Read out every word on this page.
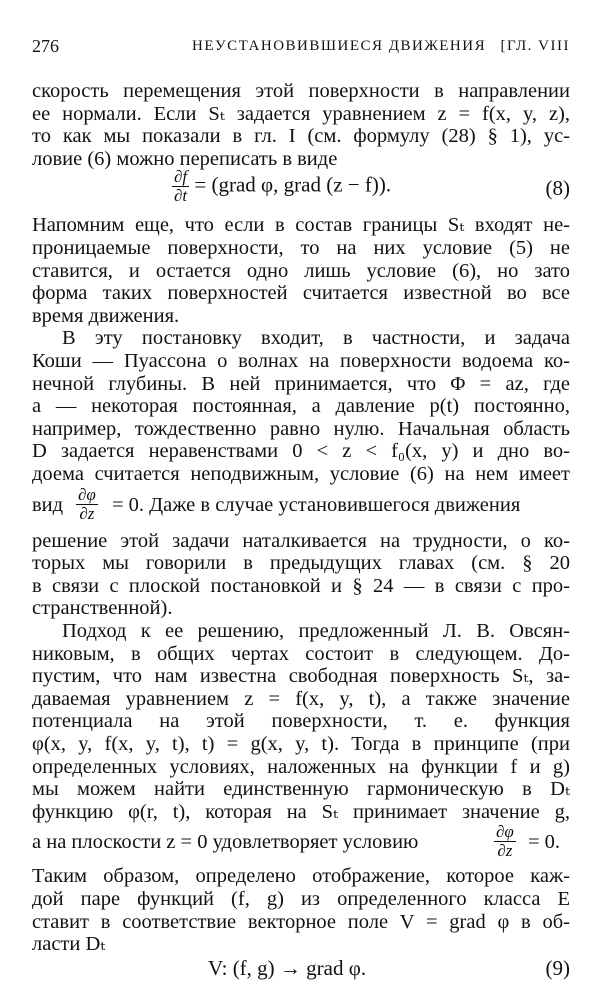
276	НЕУСТАНОВИВШИЕСЯ ДВИЖЕНИЯ [ГЛ. VIII
скорость перемещения этой поверхности в направлении
ее нормали. Если Sₜ задается уравнением z = f(x, y, z),
то как мы показали в гл. I (см. формулу (28) § 1), ус-
ловие (6) можно переписать в виде
$\frac{\partial f}{\partial t}$ = (grad φ, grad (z − f)).	(8)
Напомним еще, что если в состав границы Sₜ входят не-
проницаемые поверхности, то на них условие (5) не
ставится, и остается одно лишь условие (6), но зато
форма таких поверхностей считается известной во все
время движения.
В эту постановку входит, в частности, и задача
Коши — Пуассона о волнах на поверхности водоема ко-
нечной глубины. В ней принимается, что Φ = az, где
a — некоторая постоянная, а давление p(t) постоянно,
например, тождественно равно нулю. Начальная область
D задается неравенствами 0 < z < f₀(x, y) и дно во-
доема считается неподвижным, условие (6) на нем имеет
вид $\frac{\partial\varphi}{\partial z} = 0$. Даже в случае установившегося движения
решение этой задачи наталкивается на трудности, о ко-
торых мы говорили в предыдущих главах (см. § 20
в связи с плоской постановкой и § 24 — в связи с про-
странственной).
Подход к ее решению, предложенный Л. В. Овсян-
никовым, в общих чертах состоит в следующем. До-
пустим, что нам известна свободная поверхность Sₜ, за-
даваемая уравнением z = f(x, y, t), а также значение
потенциала на этой поверхности, т. е. функция
φ(x, y, f(x, y, t), t) = g(x, y, t). Тогда в принципе (при
определенных условиях, наложенных на функции f и g)
мы можем найти единственную гармоническую в Dₜ
функцию φ(r, t), которая на Sₜ принимает значение g,
а на плоскости z = 0 удовлетворяет условию	$\frac{\partial\varphi}{\partial z} = 0$.
Таким образом, определено отображение, которое каж-
дой паре функций (f, g) из определенного класса E
ставит в соответствие векторное поле V = grad φ в об-
ласти Dₜ
V: (f, g) → grad φ.	(9)
